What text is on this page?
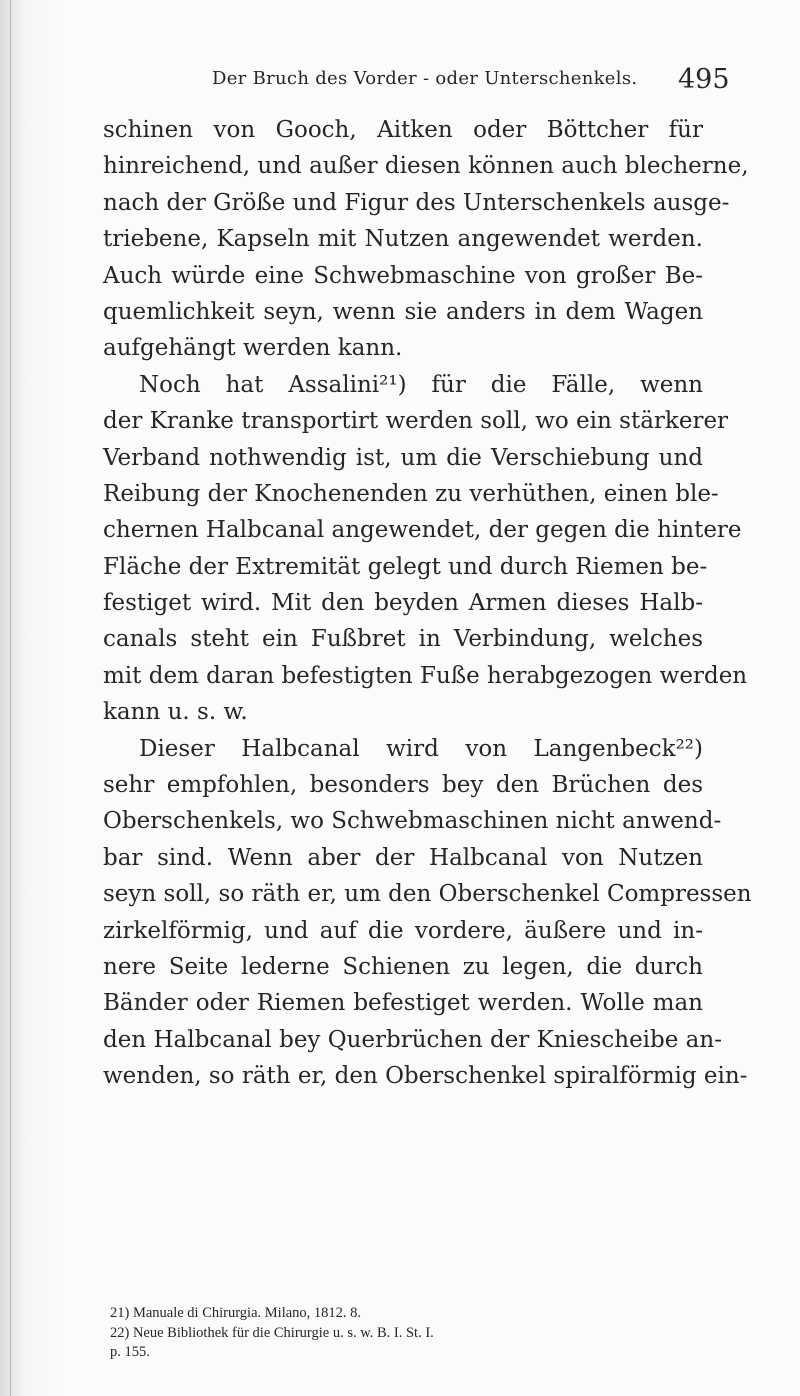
Der Bruch des Vorder - oder Unterschenkels. 495
schinen von Gooch, Aitken oder Böttcher für
hinreichend, und außer diesen können auch blecherne,
nach der Größe und Figur des Unterschenkels ausge-
triebene, Kapseln mit Nutzen angewendet werden.
Auch würde eine Schwebmaschine von großer Be-
quemlichkeit seyn, wenn sie anders in dem Wagen
aufgehängt werden kann.
Noch hat Assalini²¹) für die Fälle, wenn
der Kranke transportirt werden soll, wo ein stärkerer
Verband nothwendig ist, um die Verschiebung und
Reibung der Knochenenden zu verhüthen, einen ble-
chernen Halbcanal angewendet, der gegen die hintere
Fläche der Extremität gelegt und durch Riemen be-
festiget wird. Mit den beyden Armen dieses Halb-
canals steht ein Fußbret in Verbindung, welches
mit dem daran befestigten Fuße herabgezogen werden
kann u. s. w.
Dieser Halbcanal wird von Langenbeck²²)
sehr empfohlen, besonders bey den Brüchen des
Oberschenkels, wo Schwebmaschinen nicht anwend-
bar sind. Wenn aber der Halbcanal von Nutzen
seyn soll, so räth er, um den Oberschenkel Compressen
zirkelförmig, und auf die vordere, äußere und in-
nere Seite lederne Schienen zu legen, die durch
Bänder oder Riemen befestiget werden. Wolle man
den Halbcanal bey Querbrüchen der Kniescheibe an-
wenden, so räth er, den Oberschenkel spiralförmig ein-
21) Manuale di Chirurgia. Milano, 1812. 8.
22) Neue Bibliothek für die Chirurgie u. s. w. B. I. St. I.
p. 155.
